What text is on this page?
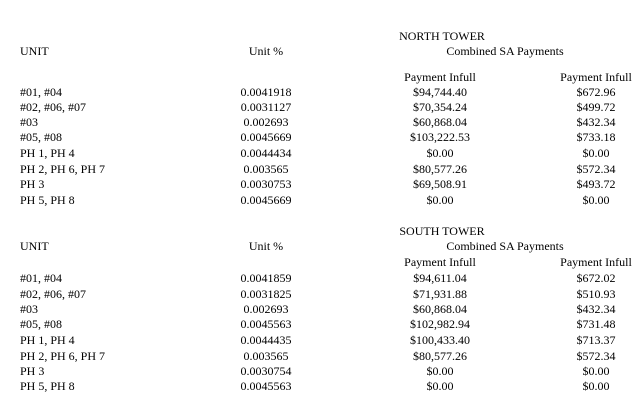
NORTH TOWER
Combined SA Payments
UNIT	Unit %
Payment Infull	Payment Infull
#01, #04	0.0041918	$94,744.40	$672.96
#02, #06, #07	0.0031127	$70,354.24	$499.72
#03	0.002693	$60,868.04	$432.34
#05, #08	0.0045669	$103,222.53	$733.18
PH 1, PH 4	0.0044434	$0.00	$0.00
PH 2, PH 6, PH 7	0.003565	$80,577.26	$572.34
PH 3	0.0030753	$69,508.91	$493.72
PH 5, PH 8	0.0045669	$0.00	$0.00
SOUTH TOWER
Combined SA Payments
UNIT	Unit %
Payment Infull	Payment Infull
#01, #04	0.0041859	$94,611.04	$672.02
#02, #06, #07	0.0031825	$71,931.88	$510.93
#03	0.002693	$60,868.04	$432.34
#05, #08	0.0045563	$102,982.94	$731.48
PH 1, PH 4	0.0044435	$100,433.40	$713.37
PH 2, PH 6, PH 7	0.003565	$80,577.26	$572.34
PH 3	0.0030754	$0.00	$0.00
PH 5, PH 8	0.0045563	$0.00	$0.00
